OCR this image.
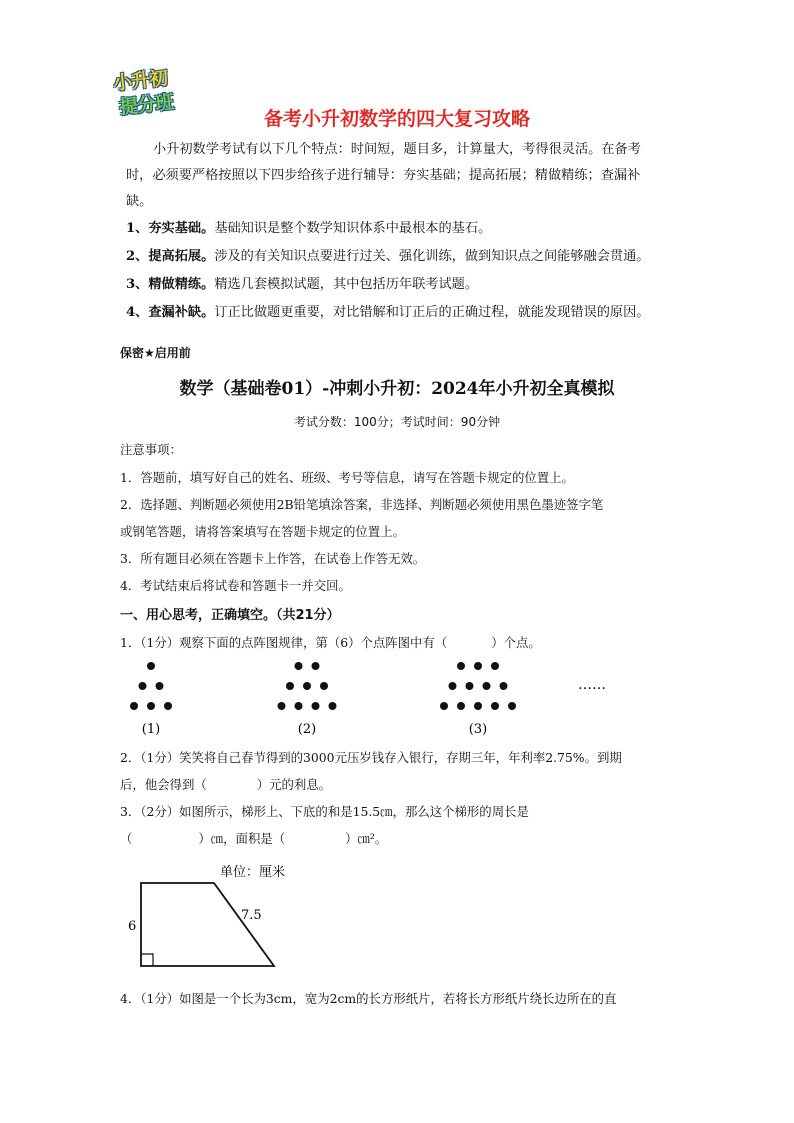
小升初
提分班
备考小升初数学的四大复习攻略
小升初数学考试有以下几个特点：时间短，题目多，计算量大，考得很灵活。在备考
时，必须要严格按照以下四步给孩子进行辅导：夯实基础；提高拓展；精做精练；查漏补
缺。
1、夯实基础。基础知识是整个数学知识体系中最根本的基石。
2、提高拓展。涉及的有关知识点要进行过关、强化训练，做到知识点之间能够融会贯通。
3、精做精练。精选几套模拟试题，其中包括历年联考试题。
4、查漏补缺。订正比做题更重要，对比错解和订正后的正确过程，就能发现错误的原因。
保密★启用前
数学（基础卷01）-冲刺小升初：2024年小升初全真模拟
考试分数：100分；考试时间：90分钟
注意事项：
1．答题前，填写好自己的姓名、班级、考号等信息，请写在答题卡规定的位置上。
2．选择题、判断题必须使用2B铅笔填涂答案，非选择、判断题必须使用黑色墨迹签字笔
或钢笔答题，请将答案填写在答题卡规定的位置上。
3．所有题目必须在答题卡上作答，在试卷上作答无效。
4．考试结束后将试卷和答题卡一并交回。
一、用心思考，正确填空。（共21分）
1．（1分）观察下面的点阵图规律，第（6）个点阵图中有（	）个点。
(1)	(2)	(3)
……
2．（1分）笑笑将自己春节得到的3000元压岁钱存入银行，存期三年，年利率2.75%。到期
后，他会得到（	）元的利息。
3．（2分）如图所示，梯形上、下底的和是15.5㎝，那么这个梯形的周长是
（	）㎝，面积是（	）㎝²。
单位：厘米
6
7.5
4．（1分）如图是一个长为3cm，宽为2cm的长方形纸片，若将长方形纸片绕长边所在的直
